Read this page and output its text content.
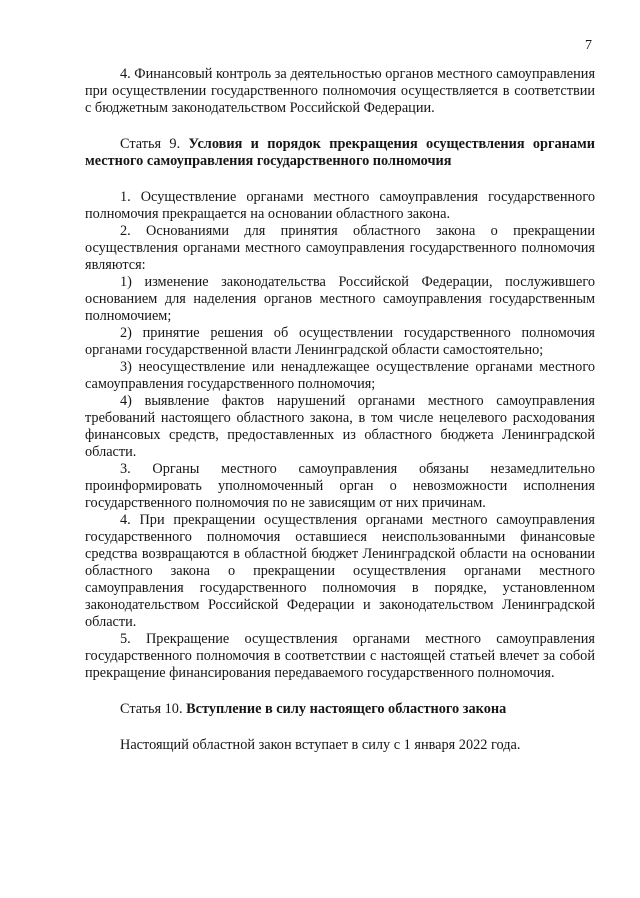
7

4. Финансовый контроль за деятельностью органов местного самоуправления при осуществлении государственного полномочия осуществляется в соответствии с бюджетным законодательством Российской Федерации.

Статья 9. Условия и порядок прекращения осуществления органами местного самоуправления государственного полномочия

1. Осуществление органами местного самоуправления государственного полномочия прекращается на основании областного закона.

2. Основаниями для принятия областного закона о прекращении осуществления органами местного самоуправления государственного полномочия являются:

1) изменение законодательства Российской Федерации, послужившего основанием для наделения органов местного самоуправления государственным полномочием;

2) принятие решения об осуществлении государственного полномочия органами государственной власти Ленинградской области самостоятельно;

3) неосуществление или ненадлежащее осуществление органами местного самоуправления государственного полномочия;

4) выявление фактов нарушений органами местного самоуправления требований настоящего областного закона, в том числе нецелевого расходования финансовых средств, предоставленных из областного бюджета Ленинградской области.

3. Органы местного самоуправления обязаны незамедлительно проинформировать уполномоченный орган о невозможности исполнения государственного полномочия по не зависящим от них причинам.

4. При прекращении осуществления органами местного самоуправления государственного полномочия оставшиеся неиспользованными финансовые средства возвращаются в областной бюджет Ленинградской области на основании областного закона о прекращении осуществления органами местного самоуправления государственного полномочия в порядке, установленном законодательством Российской Федерации и законодательством Ленинградской области.

5. Прекращение осуществления органами местного самоуправления государственного полномочия в соответствии с настоящей статьей влечет за собой прекращение финансирования передаваемого государственного полномочия.

Статья 10. Вступление в силу настоящего областного закона

Настоящий областной закон вступает в силу с 1 января 2022 года.
